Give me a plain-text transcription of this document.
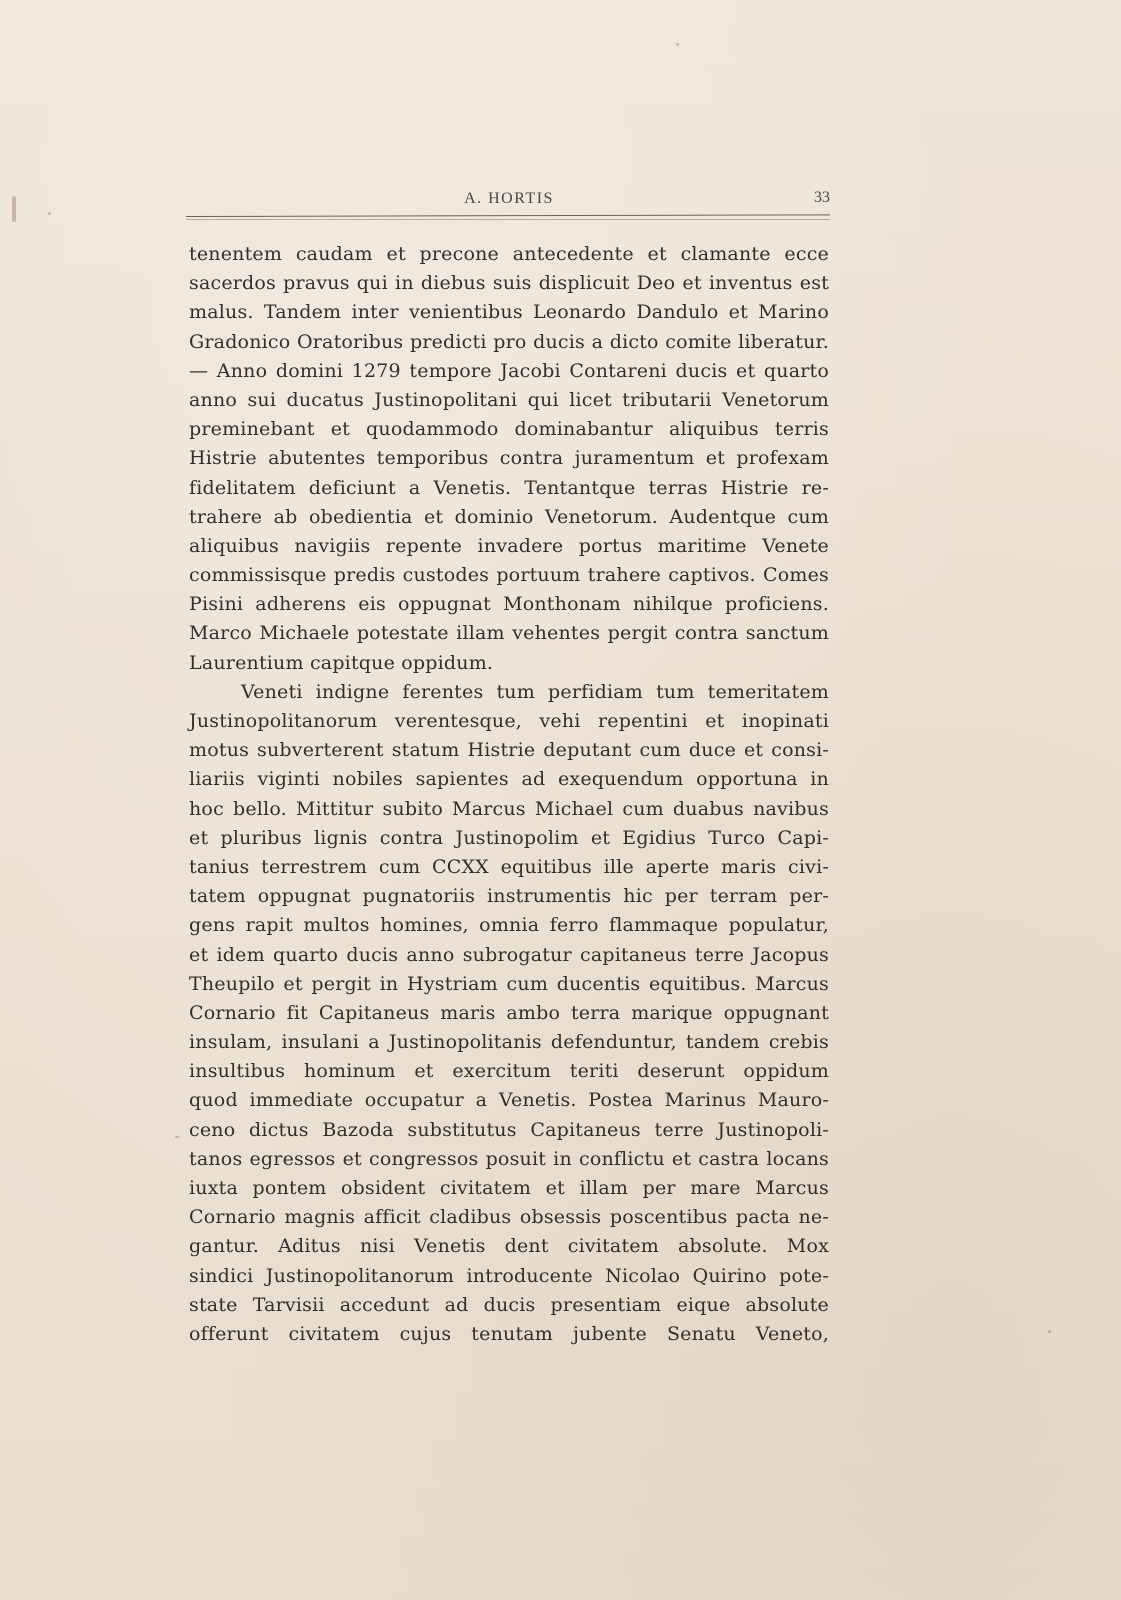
A. HORTIS	33
tenentem caudam et precone antecedente et clamante ecce
sacerdos pravus qui in diebus suis displicuit Deo et inventus est
malus. Tandem inter venientibus Leonardo Dandulo et Marino
Gradonico Oratoribus predicti pro ducis a dicto comite liberatur.
— Anno domini 1279 tempore Jacobi Contareni ducis et quarto
anno sui ducatus Justinopolitani qui licet tributarii Venetorum
preminebant et quodammodo dominabantur aliquibus terris
Histrie abutentes temporibus contra juramentum et profexam
fidelitatem deficiunt a Venetis. Tentantque terras Histrie re-
trahere ab obedientia et dominio Venetorum. Audentque cum
aliquibus navigiis repente invadere portus maritime Venete
commissisque predis custodes portuum trahere captivos. Comes
Pisini adherens eis oppugnat Monthonam nihilque proficiens.
Marco Michaele potestate illam vehentes pergit contra sanctum
Laurentium capitque oppidum.
Veneti indigne ferentes tum perfidiam tum temeritatem
Justinopolitanorum verentesque, vehi repentini et inopinati
motus subverterent statum Histrie deputant cum duce et consi-
liariis viginti nobiles sapientes ad exequendum opportuna in
hoc bello. Mittitur subito Marcus Michael cum duabus navibus
et pluribus lignis contra Justinopolim et Egidius Turco Capi-
tanius terrestrem cum CCXX equitibus ille aperte maris civi-
tatem oppugnat pugnatoriis instrumentis hic per terram per-
gens rapit multos homines, omnia ferro flammaque populatur,
et idem quarto ducis anno subrogatur capitaneus terre Jacopus
Theupilo et pergit in Hystriam cum ducentis equitibus. Marcus
Cornario fit Capitaneus maris ambo terra marique oppugnant
insulam, insulani a Justinopolitanis defenduntur, tandem crebis
insultibus hominum et exercitum teriti deserunt oppidum
quod immediate occupatur a Venetis. Postea Marinus Mauro-
ceno dictus Bazoda substitutus Capitaneus terre Justinopoli-
tanos egressos et congressos posuit in conflictu et castra locans
iuxta pontem obsident civitatem et illam per mare Marcus
Cornario magnis afficit cladibus obsessis poscentibus pacta ne-
gantur. Aditus nisi Venetis dent civitatem absolute. Mox
sindici Justinopolitanorum introducente Nicolao Quirino pote-
state Tarvisii accedunt ad ducis presentiam eique absolute
offerunt civitatem cujus tenutam jubente Senatu Veneto,
